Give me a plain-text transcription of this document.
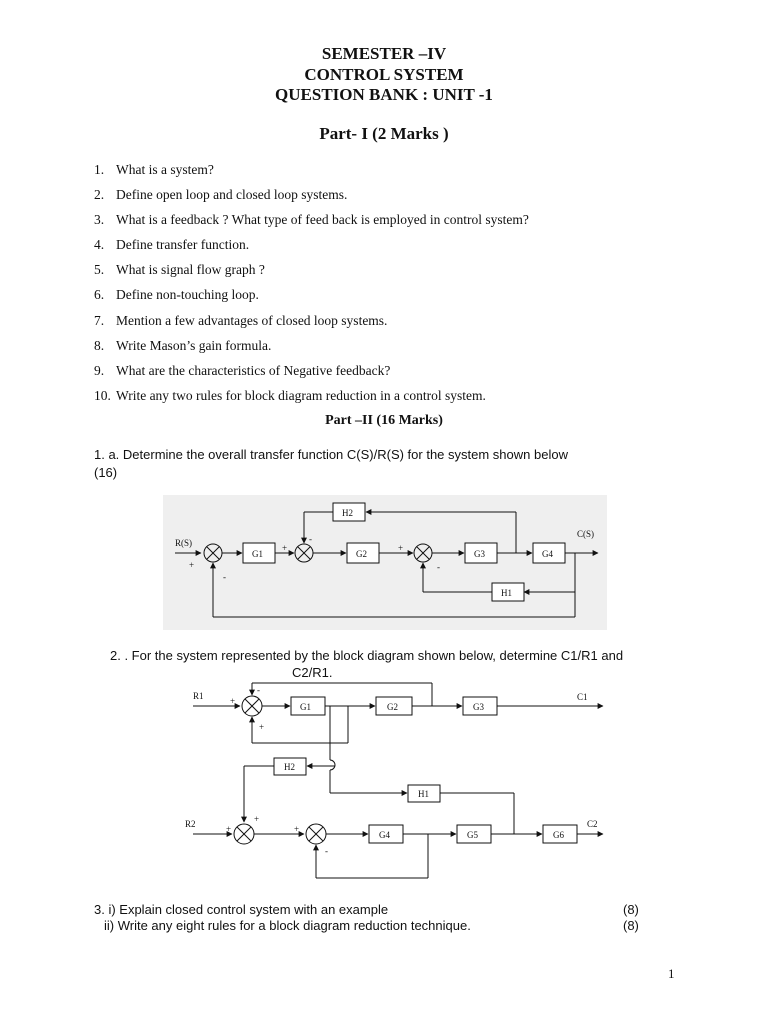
SEMESTER –IV
CONTROL SYSTEM
QUESTION BANK : UNIT -1
Part- I (2 Marks )
1. What is a system?
2. Define open loop and closed loop systems.
3. What is a feedback ? What type of feed back is employed in control system?
4. Define transfer function.
5. What is signal flow graph ?
6. Define non-touching loop.
7. Mention a few advantages of closed loop systems.
8. Write Mason’s gain formula.
9. What are the characteristics of Negative feedback?
10. Write any two rules for block diagram reduction in a control system.
Part –II (16 Marks)
1. a. Determine the overall transfer function C(S)/R(S) for the system shown below
(16)
R(S)
C(S)
G1	G2	G3	G4
H1
H2
+
-
+
-
+
-
2. . For the system represented by the block diagram shown below, determine C1/R1 and
C2/R1.
R1
R2
C1
C2
G1	G2	G3
G4	G5	G6
H1
H2
+
-
+
+
+
+
-
3. i) Explain closed control system with an example	(8)
ii) Write any eight rules for a block diagram reduction technique.	(8)
1
